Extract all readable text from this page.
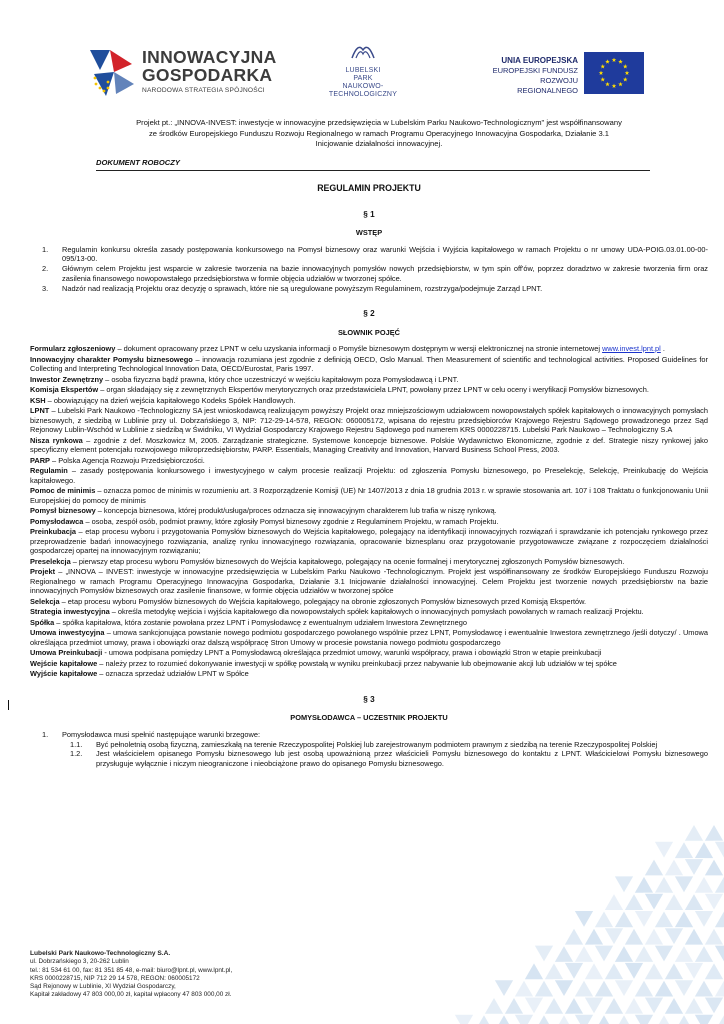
INNOWACYJNA
GOSPODARKA
NARODOWA STRATEGIA SPÓJNOŚCI
LUBELSKI
PARK
NAUKOWO-
TECHNOLOGICZNY
UNIA EUROPEJSKA
EUROPEJSKI FUNDUSZ
ROZWOJU REGIONALNEGO
Projekt pt.: „INNOVA-INVEST: inwestycje w innowacyjne przedsięwzięcia w Lubelskim Parku Naukowo-Technologicznym" jest współfinansowany
ze środków Europejskiego Funduszu Rozwoju Regionalnego w ramach Programu Operacyjnego Innowacyjna Gospodarka, Działanie 3.1
Inicjowanie działalności innowacyjnej.
DOKUMENT ROBOCZY
REGULAMIN PROJEKTU
§ 1
WSTĘP
1. Regulamin konkursu określa zasady postępowania konkursowego na Pomysł biznesowy oraz warunki Wejścia i Wyjścia kapitałowego w ramach Projektu o nr umowy UDA-POIG.03.01.00-00-095/13-00.
2. Głównym celem Projektu jest wsparcie w zakresie tworzenia na bazie innowacyjnych pomysłów nowych przedsiębiorstw, w tym spin off'ów, poprzez doradztwo w zakresie tworzenia firm oraz zasilenia finansowego nowopowstałego przedsiębiorstwa w formie objęcia udziałów w tworzonej spółce.
3. Nadzór nad realizacją Projektu oraz decyzję o sprawach, które nie są uregulowane powyższym Regulaminem, rozstrzyga/podejmuje Zarząd LPNT.
§ 2
SŁOWNIK POJĘĆ

Formularz zgłoszeniowy – dokument opracowany przez LPNT w celu uzyskania informacji o Pomyśle biznesowym dostępnym w wersji elektronicznej na stronie internetowej www.invest.lpnt.pl .

Innowacyjny charakter Pomysłu biznesowego – innowacja rozumiana jest zgodnie z definicją OECD, Oslo Manual. Then Measurement of scientific and technological activities. Proposed Guidelines for Collecting and Interpreting Technological Innovation Data, OECD/Eurostat, Paris 1997.

Inwestor Zewnętrzny – osoba fizyczna bądź prawna, który chce uczestniczyć w wejściu kapitałowym poza Pomysłodawcą i LPNT.

Komisja Ekspertów – organ składający się z zewnętrznych Ekspertów merytorycznych oraz przedstawiciela LPNT, powołany przez LPNT w celu oceny i weryfikacji Pomysłów biznesowych.

KSH – obowiązujący na dzień wejścia kapitałowego Kodeks Spółek Handlowych.

LPNT – Lubelski Park Naukowo -Technologiczny SA jest wnioskodawcą realizującym powyższy Projekt oraz mniejszościowym udziałowcem nowopowstałych spółek kapitałowych o innowacyjnych pomysłach biznesowych, z siedzibą w Lublinie przy ul. Dobrzańskiego 3, NIP: 712-29-14-578, REGON: 060005172, wpisana do rejestru przedsiębiorców Krajowego Rejestru Sądowego prowadzonego przez Sąd Rejonowy Lublin-Wschód w Lublinie z siedzibą w Świdniku, VI Wydział Gospodarczy Krajowego Rejestru Sądowego pod numerem KRS 0000228715. Lubelski Park Naukowo – Technologiczny S.A

Nisza rynkowa – zgodnie z def. Moszkowicz M, 2005. Zarządzanie strategiczne. Systemowe koncepcje biznesowe. Polskie Wydawnictwo Ekonomiczne, zgodnie z def. Strategie niszy rynkowej jako specyficzny element potencjału rozwojowego mikroprzedsiębiorstw, PARP. Essentials, Managing Creativity and Innovation, Harvard Business School Press, 2003.

PARP – Polska Agencja Rozwoju Przedsiębiorczości.

Regulamin – zasady postępowania konkursowego i inwestycyjnego w całym procesie realizacji Projektu: od zgłoszenia Pomysłu biznesowego, po Preselekcję, Selekcję, Preinkubację do Wejścia kapitałowego.

Pomoc de minimis – oznacza pomoc de minimis w rozumieniu art. 3 Rozporządzenie Komisji (UE) Nr 1407/2013 z dnia 18 grudnia 2013 r. w sprawie stosowania art. 107 i 108 Traktatu o funkcjonowaniu Unii Europejskiej do pomocy de minimis

Pomysł biznesowy – koncepcja biznesowa, której produkt/usługa/proces odznacza się innowacyjnym charakterem lub trafia w niszę rynkową.

Pomysłodawca – osoba, zespół osób, podmiot prawny, które zgłosiły Pomysł biznesowy zgodnie z Regulaminem Projektu, w ramach Projektu.

Preinkubacja – etap procesu wyboru i przygotowania Pomysłów biznesowych do Wejścia kapitałowego, polegający na identyfikacji innowacyjnych rozwiązań i sprawdzanie ich potencjału rynkowego przez przeprowadzenie badań innowacyjnego rozwiązania, analizę rynku innowacyjnego rozwiązania, opracowanie biznesplanu oraz przygotowanie przygotowawcze związane z rozpoczęciem działalności gospodarczej opartej na innowacyjnym rozwiązaniu;

Preselekcja – pierwszy etap procesu wyboru Pomysłów biznesowych do Wejścia kapitałowego, polegający na ocenie formalnej i merytorycznej zgłoszonych Pomysłów biznesowych.

Projekt – „INNOVA – INVEST: inwestycje w innowacyjne przedsięwzięcia w Lubelskim Parku Naukowo -Technologicznym. Projekt jest współfinansowany ze środków Europejskiego Funduszu Rozwoju Regionalnego w ramach Programu Operacyjnego Innowacyjna Gospodarka, Działanie 3.1 Inicjowanie działalności innowacyjnej. Celem Projektu jest tworzenie nowych przedsiębiorstw na bazie innowacyjnych Pomysłów biznesowych oraz zasilenie finansowe, w formie objęcia udziałów w tworzonej spółce

Selekcja – etap procesu wyboru Pomysłów biznesowych do Wejścia kapitałowego, polegający na obronie zgłoszonych Pomysłów biznesowych przed Komisją Ekspertów.

Strategia inwestycyjna – określa metodykę wejścia i wyjścia kapitałowego dla nowopowstałych spółek kapitałowych o innowacyjnych pomysłach powołanych w ramach realizacji Projektu.

Spółka – spółka kapitałowa, która zostanie powołana przez LPNT i Pomysłodawcę z ewentualnym udziałem Inwestora Zewnętrznego

Umowa inwestycyjna – umowa sankcjonująca powstanie nowego podmiotu gospodarczego powołanego wspólnie przez LPNT, Pomysłodawcę i ewentualnie Inwestora zewnętrznego /jeśli dotyczy/ . Umowa określająca przedmiot umowy, prawa i obowiązki oraz dalszą współpracę Stron Umowy w procesie powstania nowego podmiotu gospodarczego

Umowa Preinkubacji - umowa podpisana pomiędzy LPNT a Pomysłodawcą określająca przedmiot umowy, warunki współpracy, prawa i obowiązki Stron w etapie preinkubacji

Wejście kapitałowe – należy przez to rozumieć dokonywanie inwestycji w spółkę powstałą w wyniku preinkubacji przez nabywanie lub obejmowanie akcji lub udziałów w tej spółce

Wyjście kapitałowe – oznacza sprzedaż udziałów LPNT w Spółce

§ 3
POMYSŁODAWCA – UCZESTNIK PROJEKTU
1. Pomysłodawca musi spełnić następujące warunki brzegowe:
1.1. Być pełnoletnią osobą fizyczną, zamieszkałą na terenie Rzeczypospolitej Polskiej lub zarejestrowanym podmiotem prawnym z siedzibą na terenie Rzeczypospolitej Polskiej
1.2. Jest właścicielem opisanego Pomysłu biznesowego lub jest osobą upoważnioną przez właścicieli Pomysłu biznesowego do kontaktu z LPNT. Właścicielowi Pomysłu biznesowego przysługuje wyłącznie i niczym nieograniczone i nieobciążone prawo do opisanego Pomysłu biznesowego.
Lubelski Park Naukowo-Technologiczny S.A.
ul. Dobrzańskiego 3, 20-262 Lublin
tel.: 81 534 61 00, fax: 81 351 85 48, e-mail: biuro@lpnt.pl, www.lpnt.pl,
KRS 0000228715, NIP 712 29 14 578, REGON: 060005172
Sąd Rejonowy w Lublinie, XI Wydział Gospodarczy,
Kapitał zakładowy 47 803 000,00 zł, kapitał wpłacony 47 803 000,00 zł.
